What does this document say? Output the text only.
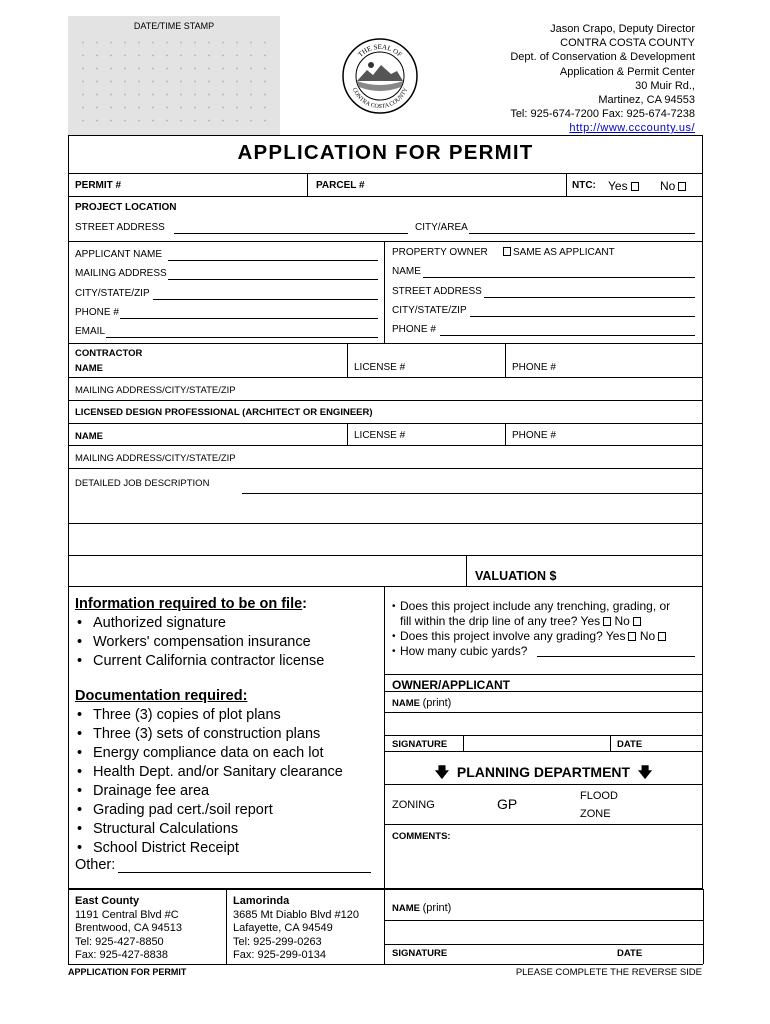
DATE/TIME STAMP
THE SEAL OF
CONTRA COSTA COUNTY
Jason Crapo, Deputy Director
CONTRA COSTA COUNTY
Dept. of Conservation & Development
Application & Permit Center
30 Muir Rd.,
Martinez, CA 94553
Tel: 925-674-7200 Fax: 925-674-7238
http://www.cccounty.us/
APPLICATION FOR PERMIT
PERMIT #	PARCEL #	NTC: Yes	No
PROJECT LOCATION
STREET ADDRESS	CITY/AREA
APPLICANT NAME
MAILING ADDRESS
CITY/STATE/ZIP
PHONE #
EMAIL
PROPERTY OWNER	SAME AS APPLICANT
NAME
STREET ADDRESS
CITY/STATE/ZIP
PHONE #
CONTRACTOR
NAME	LICENSE #	PHONE #
MAILING ADDRESS/CITY/STATE/ZIP
LICENSED DESIGN PROFESSIONAL (ARCHITECT OR ENGINEER)
NAME	LICENSE #	PHONE #
MAILING ADDRESS/CITY/STATE/ZIP
DETAILED JOB DESCRIPTION
VALUATION $
Information required to be on file:
• Authorized signature
• Workers' compensation insurance
• Current California contractor license
Documentation required:
• Three (3) copies of plot plans
• Three (3) sets of construction plans
• Energy compliance data on each lot
• Health Dept. and/or Sanitary clearance
• Drainage fee area
• Grading pad cert./soil report
• Structural Calculations
• School District Receipt
Other:
• Does this project include any trenching, grading, or
fill within the drip line of any tree? Yes No
• Does this project involve any grading? Yes No
• How many cubic yards?
OWNER/APPLICANT
NAME (print)
SIGNATURE	DATE
🡇 PLANNING DEPARTMENT 🡇
ZONING	GP	FLOOD
ZONE
COMMENTS:
East County
1191 Central Blvd #C
Brentwood, CA 94513
Tel: 925-427-8850
Fax: 925-427-8838
Lamorinda
3685 Mt Diablo Blvd #120
Lafayette, CA 94549
Tel: 925-299-0263
Fax: 925-299-0134
NAME (print)
SIGNATURE	DATE
APPLICATION FOR PERMIT	PLEASE COMPLETE THE REVERSE SIDE
